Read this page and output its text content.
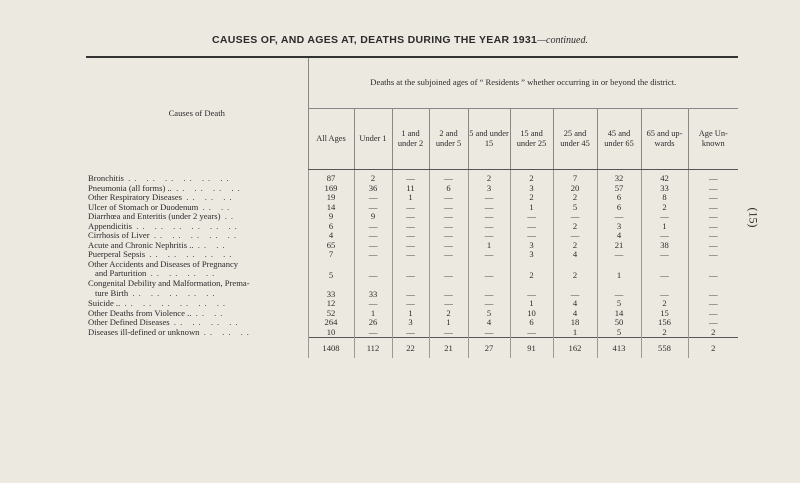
CAUSES OF, AND AGES AT, DEATHS DURING THE YEAR 1931—continued.
(15)
Causes of Death	Deaths at the subjoined ages of “ Residents ” whether occurring in or beyond the district.									
	All Ages	Under 1	1 and under 2	2 and under 5	5 and under 15	15 and under 25	25 and under 45	45 and under 65	65 and up- wards	Age Un- known
Bronchitis .. .. .. .. .. ..	87	2	—	—	2	2	7	32	42	—
Pneumonia (all forms) .. .. .. .. ..	169	36	11	6	3	3	20	57	33	—
Other Respiratory Diseases .. .. ..	19	—	1	—	—	2	2	6	8	—
Ulcer of Stomach or Duodenum .. ..	14	—	—	—	—	1	5	6	2	—
Diarrhœa and Enteritis (under 2 years) ..	9	9	—	—	—	—	—	—	—	—
Appendicitis .. .. .. .. .. ..	6	—	—	—	—	—	2	3	1	—
Cirrhosis of Liver .. .. .. .. ..	4	—	—	—	—	—	—	4	—	—
Acute and Chronic Nephritis .. .. ..	65	—	—	—	1	3	2	21	38	—
Puerperal Sepsis .. .. .. .. ..	7	—	—	—	—	3	4	—	—	—
Other Accidents and Diseases of Pregnancy
and Parturition .. .. .. ..	5	—	—	—	—	2	2	1	—	—
Congenital Debility and Malformation, Prema-
ture Birth .. .. .. .. ..	33	33	—	—	—	—	—	—	—	—
Suicide .. .. .. .. .. .. ..	12	—	—	—	—	1	4	5	2	—
Other Deaths from Violence .. .. ..	52	1	1	2	5	10	4	14	15	—
Other Defined Diseases .. .. .. ..	264	26	3	1	4	6	18	50	156	—
Diseases ill-defined or unknown .. .. ..	10	—	—	—	—	—	1	5	2	2
	1408	112	22	21	27	91	162	413	558	2
